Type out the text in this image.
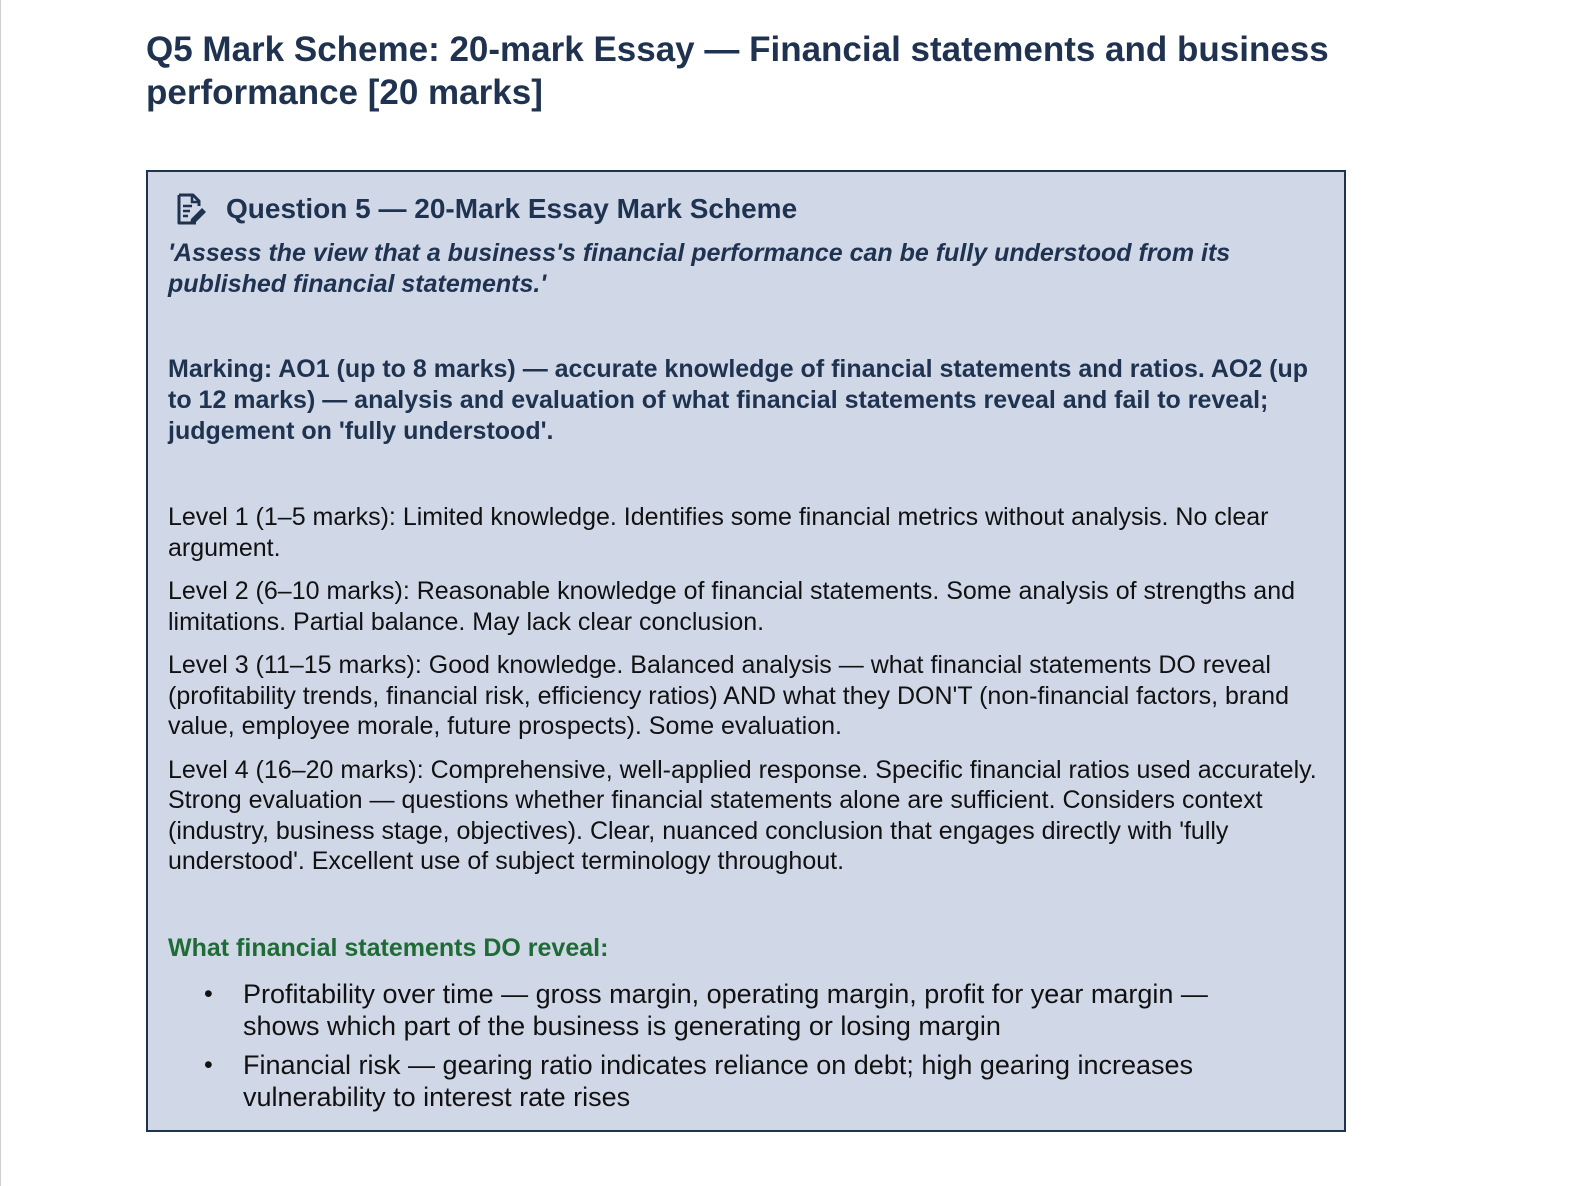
Q5 Mark Scheme: 20-mark Essay — Financial statements and business performance [20 marks]
Question 5 — 20-Mark Essay Mark Scheme

'Assess the view that a business's financial performance can be fully understood from its published financial statements.'

Marking: AO1 (up to 8 marks) — accurate knowledge of financial statements and ratios. AO2 (up to 12 marks) — analysis and evaluation of what financial statements reveal and fail to reveal; judgement on 'fully understood'.

Level 1 (1–5 marks): Limited knowledge. Identifies some financial metrics without analysis. No clear argument.

Level 2 (6–10 marks): Reasonable knowledge of financial statements. Some analysis of strengths and limitations. Partial balance. May lack clear conclusion.

Level 3 (11–15 marks): Good knowledge. Balanced analysis — what financial statements DO reveal (profitability trends, financial risk, efficiency ratios) AND what they DON'T (non-financial factors, brand value, employee morale, future prospects). Some evaluation.

Level 4 (16–20 marks): Comprehensive, well-applied response. Specific financial ratios used accurately. Strong evaluation — questions whether financial statements alone are sufficient. Considers context (industry, business stage, objectives). Clear, nuanced conclusion that engages directly with 'fully understood'. Excellent use of subject terminology throughout.

What financial statements DO reveal:

• Profitability over time — gross margin, operating margin, profit for year margin — shows which part of the business is generating or losing margin
• Financial risk — gearing ratio indicates reliance on debt; high gearing increases vulnerability to interest rate rises
